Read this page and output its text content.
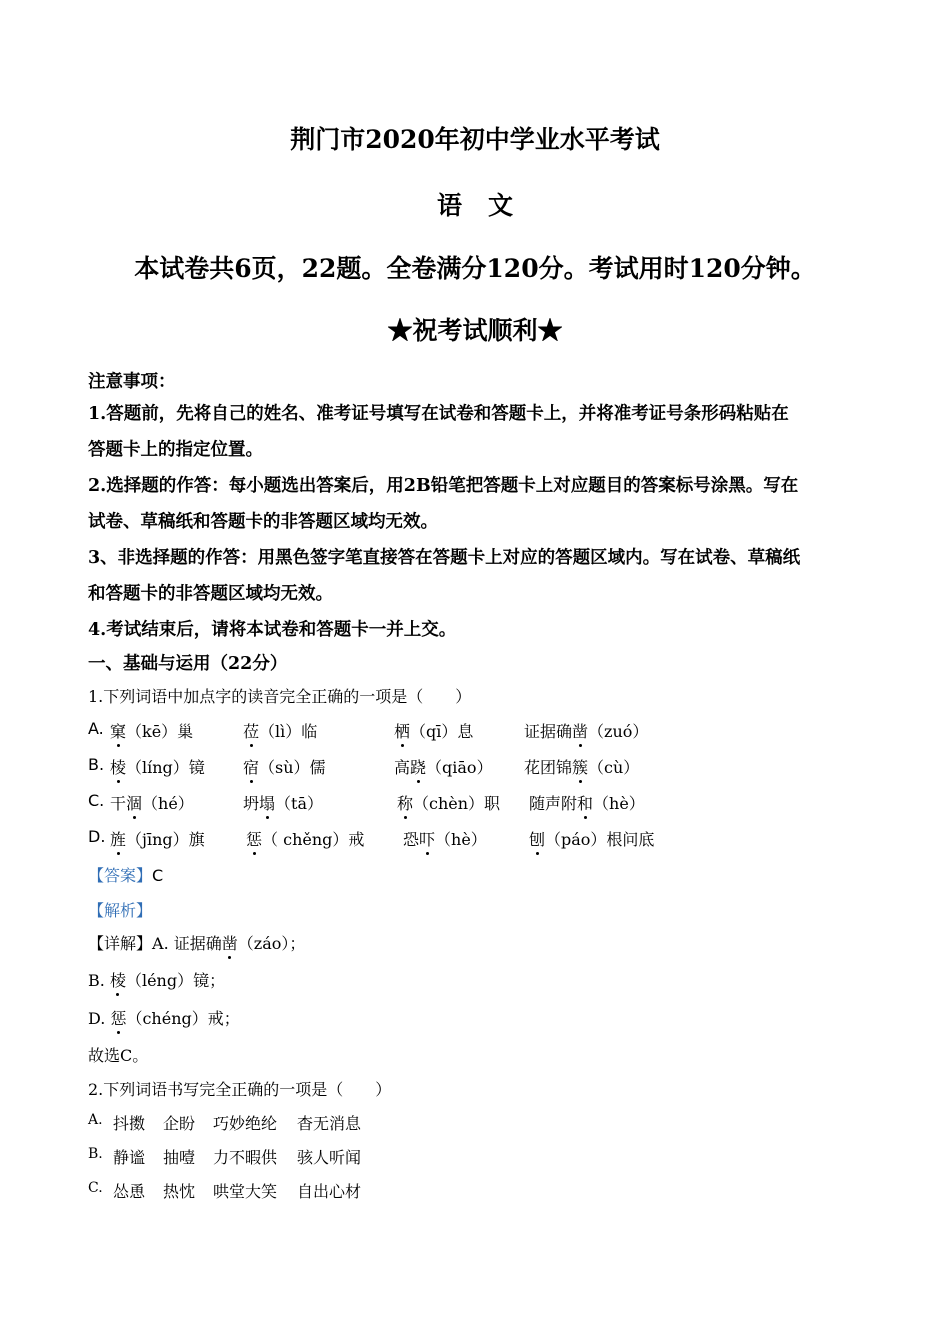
荆门市2020年初中学业水平考试
语 文
本试卷共6页，22题。全卷满分120分。考试用时120分钟。
★祝考试顺利★
注意事项：
1.答题前，先将自己的姓名、准考证号填写在试卷和答题卡上，并将准考证号条形码粘贴在
答题卡上的指定位置。
2.选择题的作答：每小题选出答案后，用2B铅笔把答题卡上对应题目的答案标号涂黑。写在
试卷、草稿纸和答题卡的非答题区域均无效。
3、非选择题的作答：用黑色签字笔直接答在答题卡上对应的答题区域内。写在试卷、草稿纸
和答题卡的非答题区域均无效。
4.考试结束后，请将本试卷和答题卡一并上交。
一、基础与运用（22分）
1.下列词语中加点字的读音完全正确的一项是（　　）
A. 窠（kē）巢	莅（lì）临	栖（qī）息	证据确凿（zuó）
B. 棱（líng）镜 宿（sù）儒	高跷（qiāo） 花团锦簇（cù）
C. 干涸（hé）	坍塌（tā）	称（chèn）职 随声附和（hè）
D. 旌（jīng）旗	惩（ chěng）戒 恐吓（hè）	刨（páo）根问底
【答案】C
【解析】
【详解】A. 证据确凿（záo）；
B. 棱（léng）镜；
D. 惩（chéng）戒；
故选C。
2.下列词语书写完全正确的一项是（　　）
A. 抖擞 企盼 巧妙绝纶 杳无消息
B. 静谧 抽噎 力不暇供 骇人听闻
C. 怂恿 热忱 哄堂大笑 自出心材
